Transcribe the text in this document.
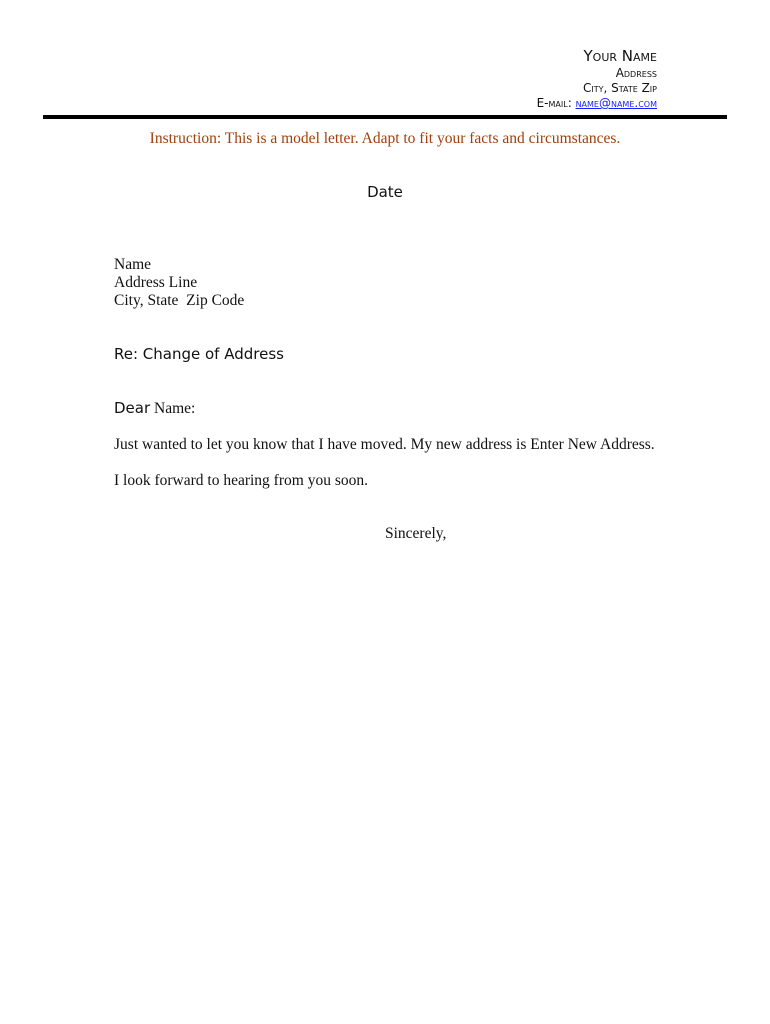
Your Name
Address
City, State Zip
E-mail: name@name.com
Instruction: This is a model letter. Adapt to fit your facts and circumstances.
Date
Name
Address Line
City, State  Zip Code
Re: Change of Address
Dear Name:
Just wanted to let you know that I have moved. My new address is Enter New Address.
I look forward to hearing from you soon.
Sincerely,
